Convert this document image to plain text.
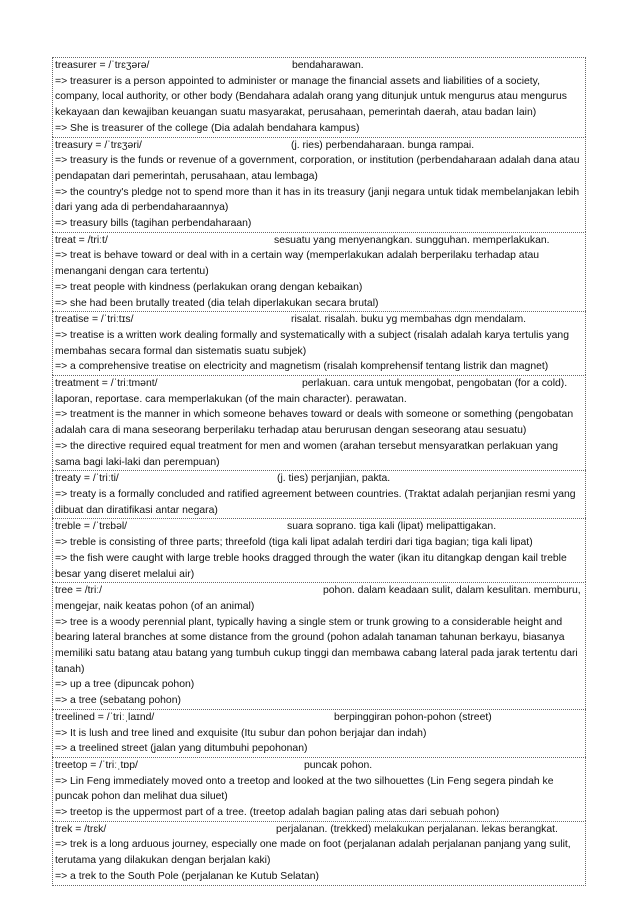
treasurer = /ˈtrɛʒərə/	bendaharawan.
=> treasurer is a person appointed to administer or manage the financial assets and liabilities of a society, company, local authority, or other body (Bendahara adalah orang yang ditunjuk untuk mengurus atau mengurus kekayaan dan kewajiban keuangan suatu masyarakat, perusahaan, pemerintah daerah, atau badan lain)
=> She is treasurer of the college (Dia adalah bendahara kampus)
treasury = /ˈtrɛʒəri/	(j. ries) perbendaharaan. bunga rampai.
=> treasury is the funds or revenue of a government, corporation, or institution (perbendaharaan adalah dana atau pendapatan dari pemerintah, perusahaan, atau lembaga)
=> the country's pledge not to spend more than it has in its treasury (janji negara untuk tidak membelanjakan lebih dari yang ada di perbendaharaannya)
=> treasury bills (tagihan perbendaharaan)
treat = /triːt/	sesuatu yang menyenangkan. sungguhan. memperlakukan.
=> treat is behave toward or deal with in a certain way (memperlakukan adalah berperilaku terhadap atau menangani dengan cara tertentu)
=> treat people with kindness (perlakukan orang dengan kebaikan)
=> she had been brutally treated (dia telah diperlakukan secara brutal)
treatise = /ˈtriːtɪs/	risalat. risalah. buku yg membahas dgn mendalam.
=> treatise is a written work dealing formally and systematically with a subject (risalah adalah karya tertulis yang membahas secara formal dan sistematis suatu subjek)
=> a comprehensive treatise on electricity and magnetism (risalah komprehensif tentang listrik dan magnet)
treatment = /ˈtriːtmənt/	perlakuan. cara untuk mengobat, pengobatan (for a cold).
laporan, reportase. cara memperlakukan (of the main character). perawatan.
=> treatment is the manner in which someone behaves toward or deals with someone or something (pengobatan adalah cara di mana seseorang berperilaku terhadap atau berurusan dengan seseorang atau sesuatu)
=> the directive required equal treatment for men and women (arahan tersebut mensyaratkan perlakuan yang sama bagi laki-laki dan perempuan)
treaty = /ˈtriːti/	(j. ties) perjanjian, pakta.
=> treaty is a formally concluded and ratified agreement between countries. (Traktat adalah perjanjian resmi yang dibuat dan diratifikasi antar negara)
treble = /ˈtrɛbəl/	suara soprano. tiga kali (lipat) melipattigakan.
=> treble is consisting of three parts; threefold (tiga kali lipat adalah terdiri dari tiga bagian; tiga kali lipat)
=> the fish were caught with large treble hooks dragged through the water (ikan itu ditangkap dengan kail treble besar yang diseret melalui air)
tree = /triː/	pohon. dalam keadaan sulit, dalam kesulitan. memburu,
mengejar, naik keatas pohon (of an animal)
=> tree is a woody perennial plant, typically having a single stem or trunk growing to a considerable height and bearing lateral branches at some distance from the ground (pohon adalah tanaman tahunan berkayu, biasanya memiliki satu batang atau batang yang tumbuh cukup tinggi dan membawa cabang lateral pada jarak tertentu dari tanah)
=> up a tree (dipuncak pohon)
=> a tree (sebatang pohon)
treelined = /ˈtriːˌlaɪnd/	berpinggiran pohon-pohon (street)
=> It is lush and tree lined and exquisite (Itu subur dan pohon berjajar dan indah)
=> a treelined street (jalan yang ditumbuhi pepohonan)
treetop = /ˈtriːˌtɒp/	puncak pohon.
=> Lin Feng immediately moved onto a treetop and looked at the two silhouettes (Lin Feng segera pindah ke puncak pohon dan melihat dua siluet)
=> treetop is the uppermost part of a tree. (treetop adalah bagian paling atas dari sebuah pohon)
trek = /trɛk/	perjalanan. (trekked) melakukan perjalanan. lekas berangkat.
=> trek is a long arduous journey, especially one made on foot (perjalanan adalah perjalanan panjang yang sulit, terutama yang dilakukan dengan berjalan kaki)
=> a trek to the South Pole (perjalanan ke Kutub Selatan)
